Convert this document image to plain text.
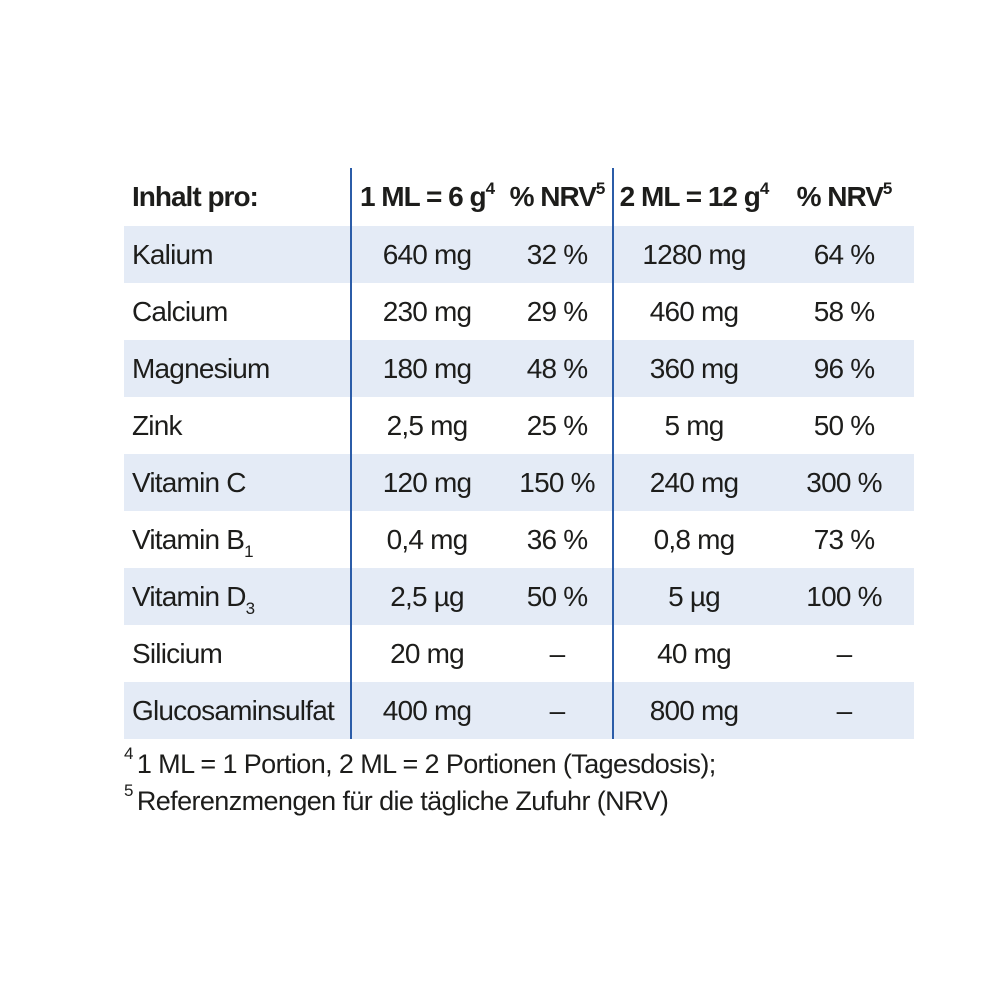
Inhalt pro:	1 ML = 6 $g^4$	% NRV$^5$	2 ML = 12 $g^4$	% NRV$^5$
Kalium	640 mg	32 %	1280 mg	64 %
Calcium	230 mg	29 %	460 mg	58 %
Magnesium	180 mg	48 %	360 mg	96 %
Zink	2,5 mg	25 %	5 mg	50 %
Vitamin C	120 mg	150 %	240 mg	300 %
Vitamin $B_1$	0,4 mg	36 %	0,8 mg	73 %
Vitamin $D_3$	2,5 µg	50 %	5 µg	100 %
Silicium	20 mg	–	40 mg	–
Glucosaminsulfat	400 mg	–	800 mg	–
$^4$ 1 ML = 1 Portion, 2 ML = 2 Portionen (Tagesdosis);
$^5$ Referenzmengen für die tägliche Zufuhr (NRV)
